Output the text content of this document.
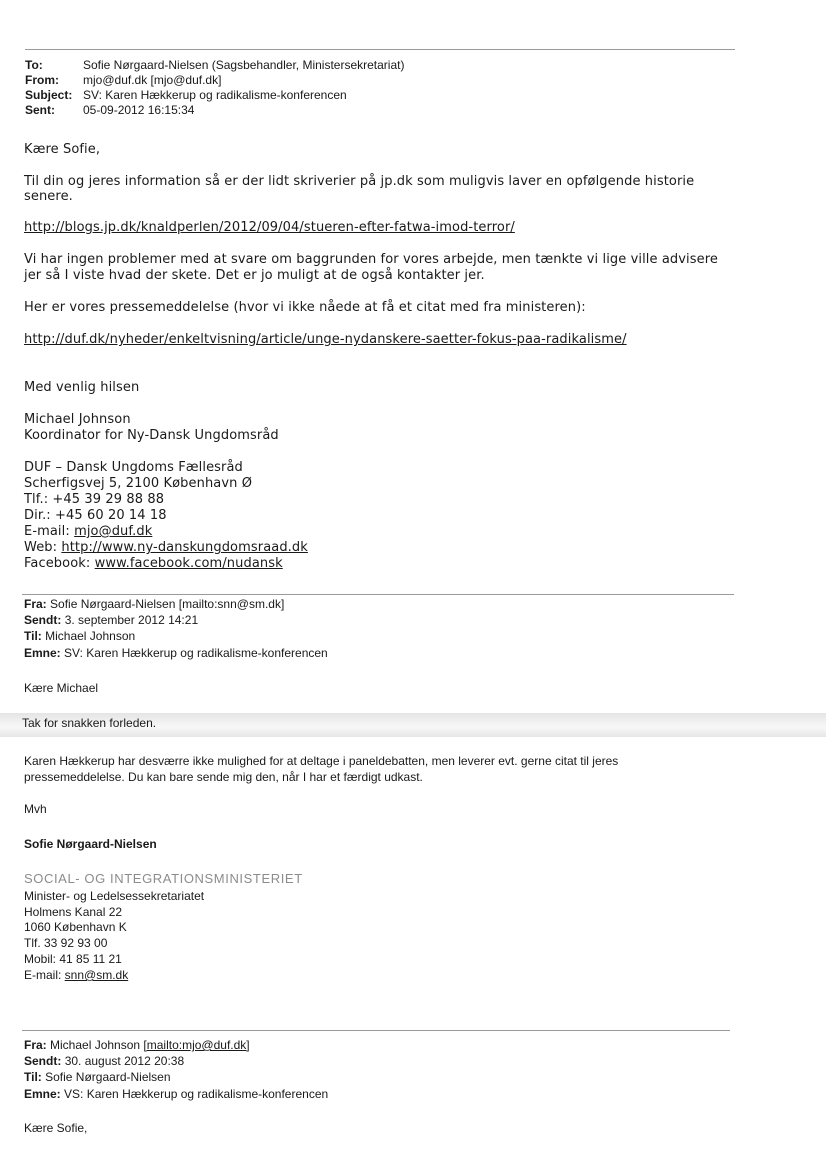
To:	Sofie Nørgaard-Nielsen (Sagsbehandler, Ministersekretariat)
From: mjo@duf.dk [mjo@duf.dk]
Subject: SV: Karen Hækkerup og radikalisme-konferencen
Sent: 05-09-2012 16:15:34
Kære Sofie,
Til din og jeres information så er der lidt skriverier på jp.dk som muligvis laver en opfølgende historie
senere.
http://blogs.jp.dk/knaldperlen/2012/09/04/stueren-efter-fatwa-imod-terror/
Vi har ingen problemer med at svare om baggrunden for vores arbejde, men tænkte vi lige ville advisere
jer så I viste hvad der skete. Det er jo muligt at de også kontakter jer.
Her er vores pressemeddelelse (hvor vi ikke nåede at få et citat med fra ministeren):
http://duf.dk/nyheder/enkeltvisning/article/unge-nydanskere-saetter-fokus-paa-radikalisme/
Med venlig hilsen
Michael Johnson
Koordinator for Ny-Dansk Ungdomsråd
DUF – Dansk Ungdoms Fællesråd
Scherfigsvej 5, 2100 København Ø
Tlf.: +45 39 29 88 88
Dir.: +45 60 20 14 18
E-mail: mjo@duf.dk
Web: http://www.ny-danskungdomsraad.dk
Facebook: www.facebook.com/nudansk
Fra: Sofie Nørgaard-Nielsen [mailto:snn@sm.dk]
Sendt: 3. september 2012 14:21
Til: Michael Johnson
Emne: SV: Karen Hækkerup og radikalisme-konferencen
Kære Michael
Tak for snakken forleden.
Karen Hækkerup har desværre ikke mulighed for at deltage i paneldebatten, men leverer evt. gerne citat til jeres
pressemeddelelse. Du kan bare sende mig den, når I har et færdigt udkast.
Mvh
Sofie Nørgaard-Nielsen
SOCIAL- OG INTEGRATIONSMINISTERIET
Minister- og Ledelsessekretariatet
Holmens Kanal 22
1060 København K
Tlf. 33 92 93 00
Mobil: 41 85 11 21
E-mail: snn@sm.dk
Fra: Michael Johnson [mailto:mjo@duf.dk]
Sendt: 30. august 2012 20:38
Til: Sofie Nørgaard-Nielsen
Emne: VS: Karen Hækkerup og radikalisme-konferencen
Kære Sofie,
